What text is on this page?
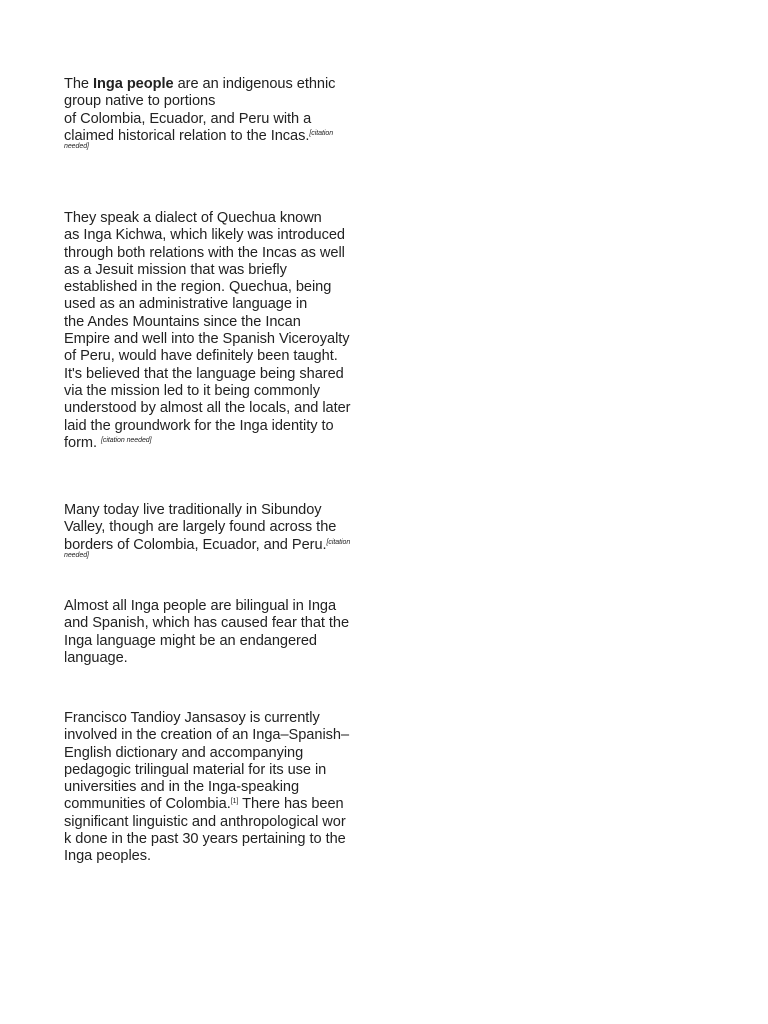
The Inga people are an indigenous ethnic
group native to portions
of Colombia, Ecuador, and Peru with a
claimed historical relation to the Incas.$^{[citation}$
needed]
They speak a dialect of Quechua known
as Inga Kichwa, which likely was introduced
through both relations with the Incas as well
as a Jesuit mission that was briefly
established in the region. Quechua, being
used as an administrative language in
the Andes Mountains since the Incan
Empire and well into the Spanish Viceroyalty
of Peru, would have definitely been taught.
It's believed that the language being shared
via the mission led to it being commonly
understood by almost all the locals, and later
laid the groundwork for the Inga identity to
form. [citation needed]
Many today live traditionally in Sibundoy
Valley, though are largely found across the
borders of Colombia, Ecuador, and Peru.$^{[citation}$
needed]
Almost all Inga people are bilingual in Inga
and Spanish, which has caused fear that the
Inga language might be an endangered
language.
Francisco Tandioy Jansasoy is currently
involved in the creation of an Inga–Spanish–
English dictionary and accompanying
pedagogic trilingual material for its use in
universities and in the Inga-speaking
communities of Colombia.[1] There has been
significant linguistic and anthropological wor
k done in the past 30 years pertaining to the
Inga peoples.
